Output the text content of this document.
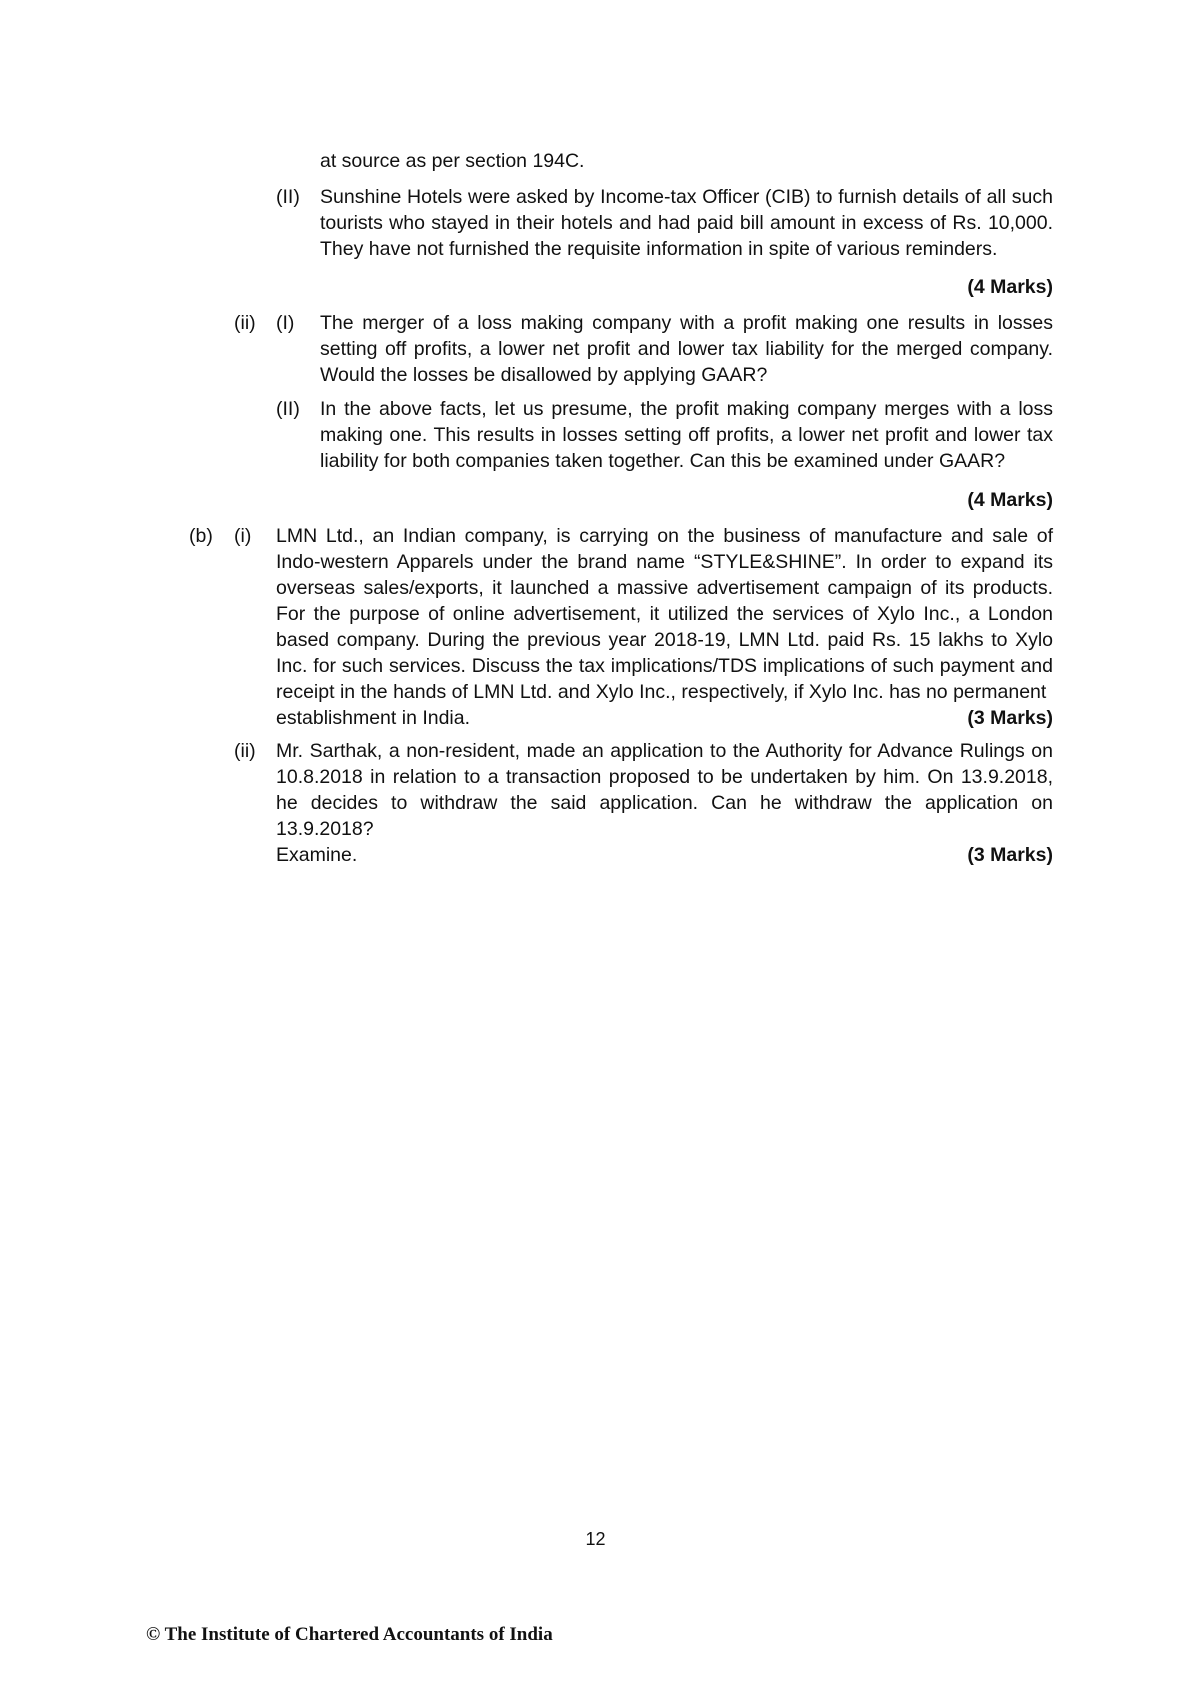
at source as per section 194C.
(II) Sunshine Hotels were asked by Income-tax Officer (CIB) to furnish details of all such tourists who stayed in their hotels and had paid bill amount in excess of Rs. 10,000. They have not furnished the requisite information in spite of various reminders.
(4 Marks)
(ii) (I) The merger of a loss making company with a profit making one results in losses setting off profits, a lower net profit and lower tax liability for the merged company. Would the losses be disallowed by applying GAAR?
(II) In the above facts, let us presume, the profit making company merges with a loss making one. This results in losses setting off profits, a lower net profit and lower tax liability for both companies taken together. Can this be examined under GAAR?
(4 Marks)
(b) (i) LMN Ltd., an Indian company, is carrying on the business of manufacture and sale of Indo-western Apparels under the brand name “STYLE&SHINE”. In order to expand its overseas sales/exports, it launched a massive advertisement campaign of its products. For the purpose of online advertisement, it utilized the services of Xylo Inc., a London based company. During the previous year 2018-19, LMN Ltd. paid Rs. 15 lakhs to Xylo Inc. for such services. Discuss the tax implications/TDS implications of such payment and receipt in the hands of LMN Ltd. and Xylo Inc., respectively, if Xylo Inc. has no permanent
establishment in India.	(3 Marks)
(ii) Mr. Sarthak, a non-resident, made an application to the Authority for Advance Rulings on 10.8.2018 in relation to a transaction proposed to be undertaken by him. On 13.9.2018, he decides to withdraw the said application. Can he withdraw the application on 13.9.2018?
Examine.	(3 Marks)
12
© The Institute of Chartered Accountants of India
